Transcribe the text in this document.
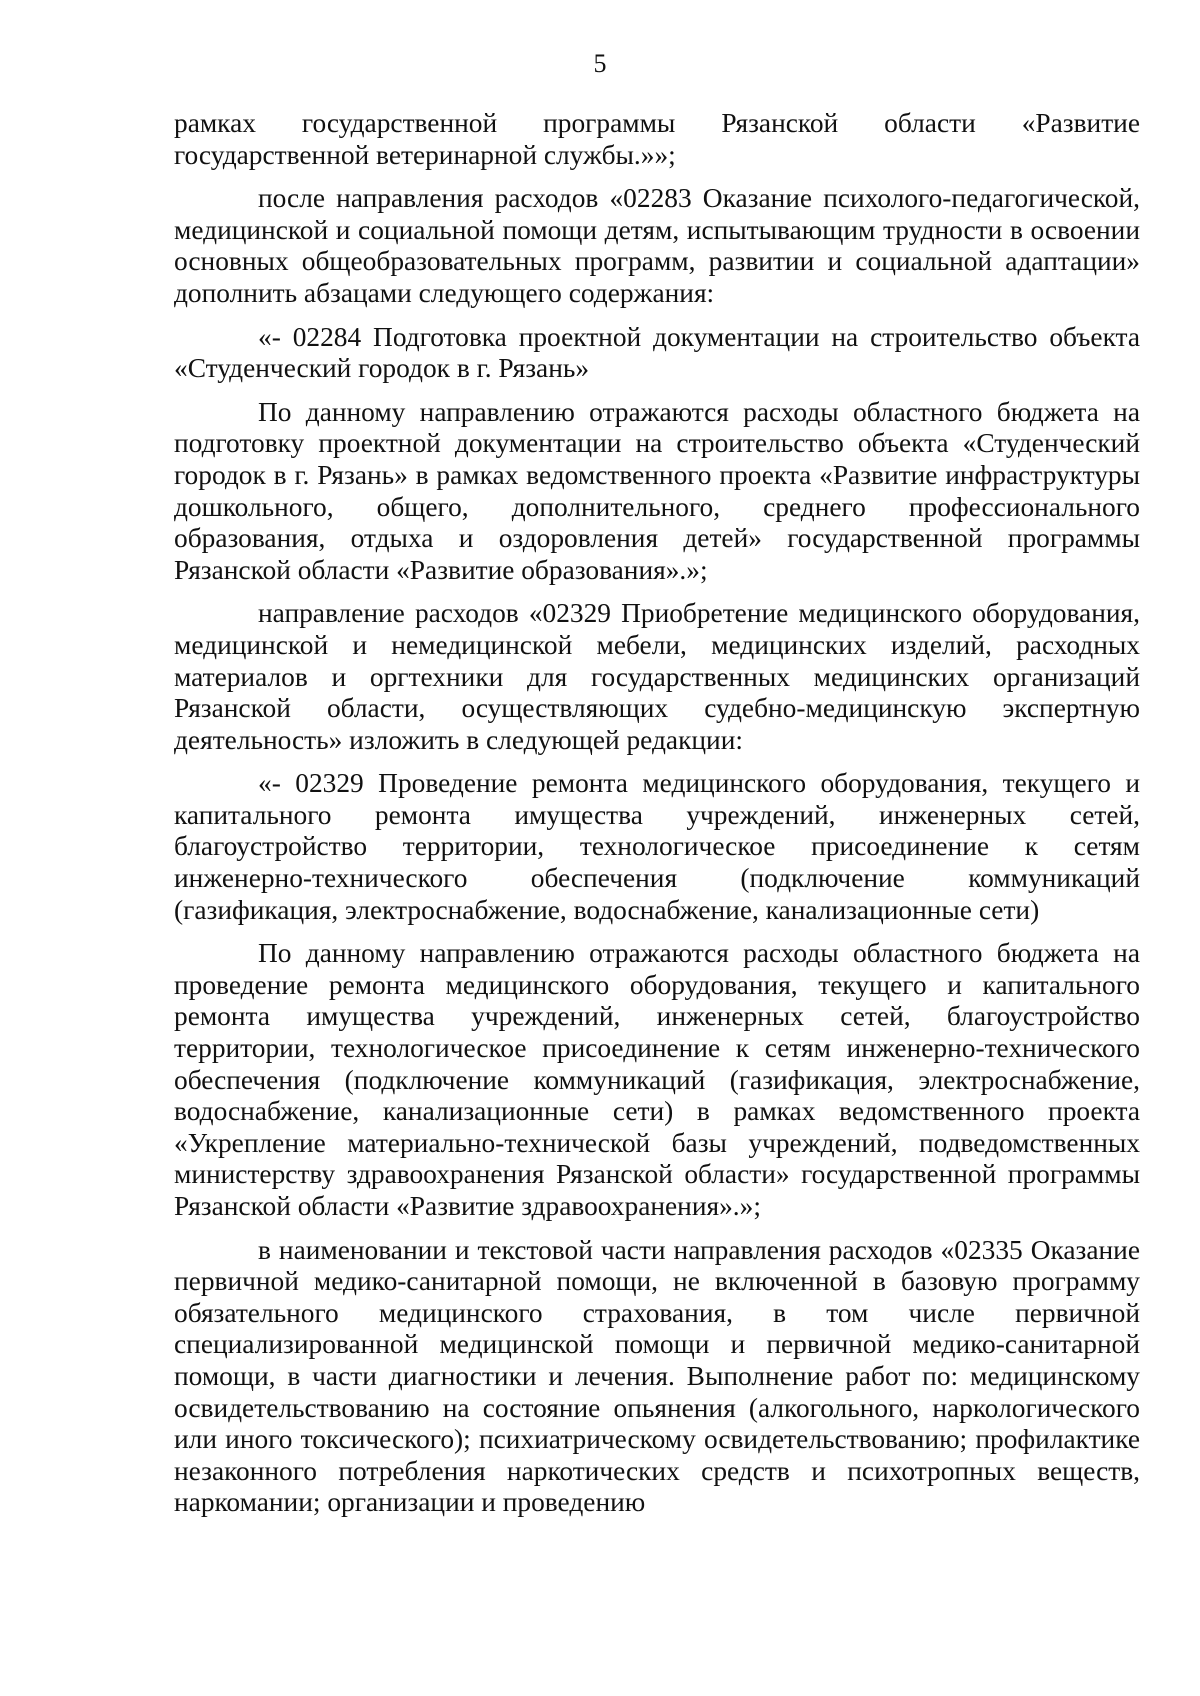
5

рамках государственной программы Рязанской области «Развитие государственной ветеринарной службы.»»;

после направления расходов «02283 Оказание психолого-педагогической, медицинской и социальной помощи детям, испытывающим трудности в освоении основных общеобразовательных программ, развитии и социальной адаптации» дополнить абзацами следующего содержания:

«- 02284 Подготовка проектной документации на строительство объекта «Студенческий городок в г. Рязань»

По данному направлению отражаются расходы областного бюджета на подготовку проектной документации на строительство объекта «Студенческий городок в г. Рязань» в рамках ведомственного проекта «Развитие инфраструктуры дошкольного, общего, дополнительного, среднего профессионального образования, отдыха и оздоровления детей» государственной программы Рязанской области «Развитие образования».»;

направление расходов «02329 Приобретение медицинского оборудования, медицинской и немедицинской мебели, медицинских изделий, расходных материалов и оргтехники для государственных медицинских организаций Рязанской области, осуществляющих судебно-медицинскую экспертную деятельность» изложить в следующей редакции:

«- 02329 Проведение ремонта медицинского оборудования, текущего и капитального ремонта имущества учреждений, инженерных сетей, благоустройство территории, технологическое присоединение к сетям инженерно-технического обеспечения (подключение коммуникаций (газификация, электроснабжение, водоснабжение, канализационные сети)

По данному направлению отражаются расходы областного бюджета на проведение ремонта медицинского оборудования, текущего и капитального ремонта имущества учреждений, инженерных сетей, благоустройство территории, технологическое присоединение к сетям инженерно-технического обеспечения (подключение коммуникаций (газификация, электроснабжение, водоснабжение, канализационные сети) в рамках ведомственного проекта «Укрепление материально-технической базы учреждений, подведомственных министерству здравоохранения Рязанской области» государственной программы Рязанской области «Развитие здравоохранения».»;

в наименовании и текстовой части направления расходов «02335 Оказание первичной медико-санитарной помощи, не включенной в базовую программу обязательного медицинского страхования, в том числе первичной специализированной медицинской помощи и первичной медико-санитарной помощи, в части диагностики и лечения. Выполнение работ по: медицинскому освидетельствованию на состояние опьянения (алкогольного, наркологического или иного токсического); психиатрическому освидетельствованию; профилактике незаконного потребления наркотических средств и психотропных веществ, наркомании; организации и проведению
